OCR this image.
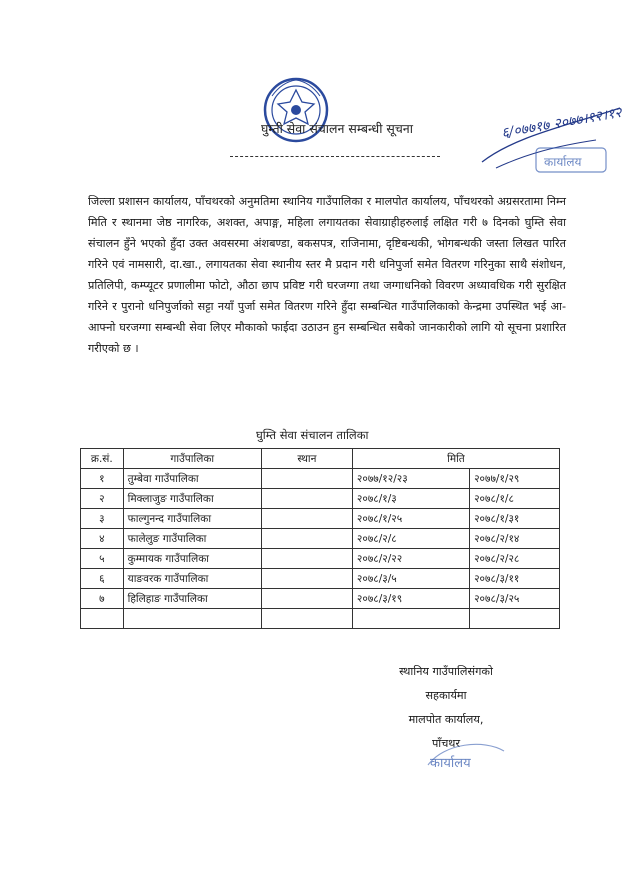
घुम्ती सेवा संचालन सम्बन्धी सूचना	६/०७७१७ २०७७।१२।१२
कार्यालय
जिल्ला प्रशासन कार्यालय, पाँचथरको अनुमतिमा स्थानिय गाउँपालिका र मालपोत कार्यालय, पाँचथरको अग्रसरतामा निम्न मिति र स्थानमा जेष्ठ नागरिक, अशक्त, अपाङ्ग, महिला लगायतका सेवाग्राहीहरुलाई लक्षित गरी ७ दिनको घुम्ति सेवा संचालन हुँने भएको हुँदा उक्त अवसरमा अंशबण्डा, बकसपत्र, राजिनामा, दृष्टिबन्धकी, भोगबन्धकी जस्ता लिखत पारित गरिने एवं नामसारी, दा.खा., लगायतका सेवा स्थानीय स्तर मै प्रदान गरी धनिपुर्जा समेत वितरण गरिनुका साथै संशोधन, प्रतिलिपी, कम्प्यूटर प्रणालीमा फोटो, औठा छाप प्रविष्ट गरी घरजग्गा तथा जग्गाधनिको विवरण अध्यावधिक गरी सुरक्षित गरिने र पुरानो धनिपुर्जाको सट्टा नयाँ पुर्जा समेत वितरण गरिने हुँदा सम्बन्धित गाउँपालिकाको केन्द्रमा उपस्थित भई आ-आफ्नो घरजग्गा सम्बन्धी सेवा लिएर मौकाको फाईदा उठाउन हुन सम्बन्धित सबैको जानकारीको लागि यो सूचना प्रशारित गरीएको छ ।
घुम्ति सेवा संचालन तालिका
क्र.सं.	गाउँपालिका	स्थान	मिति	
१	तुम्बेवा गाउँपालिका		२०७७/१२/२३	२०७७/१/२९
२	मिक्लाजुङ गाउँपालिका		२०७८/१/३	२०७८/१/८
३	फाल्गुनन्द गाउँपालिका		२०७८/१/२५	२०७८/१/३१
४	फालेलुङ गाउँपालिका		२०७८/२/८	२०७८/२/१४
५	कुम्मायक गाउँपालिका		२०७८/२/२२	२०७८/२/२८
६	याङवरक गाउँपालिका		२०७८/३/५	२०७८/३/११
७	हिलिहाङ गाउँपालिका		२०७८/३/१९	२०७८/३/२५

स्थानिय गाउँपालिसंगको
सहकार्यमा
मालपोत कार्यालय,
पाँचथर
कार्यालय
